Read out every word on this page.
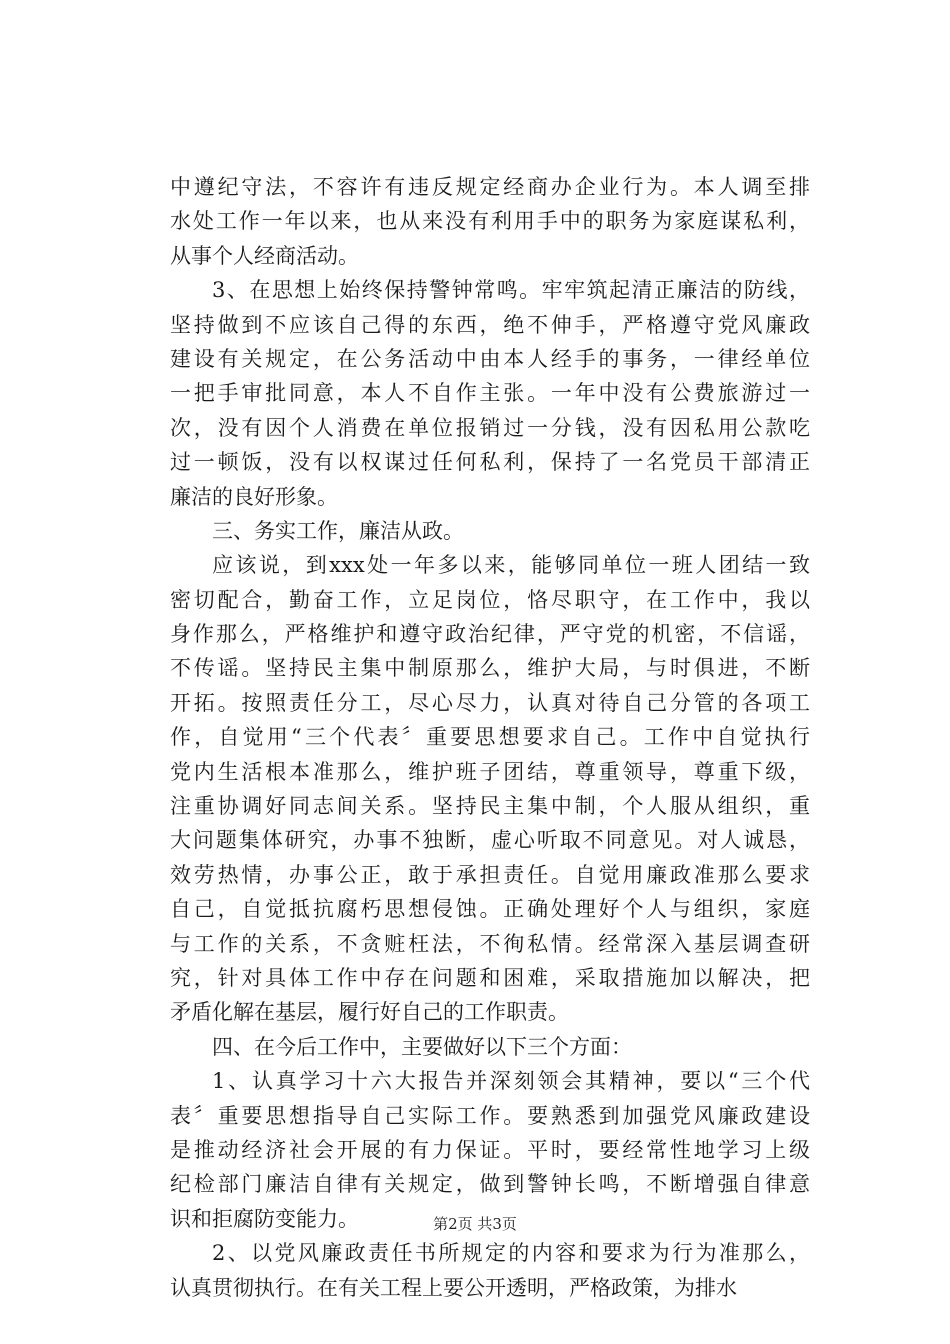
中遵纪守法，不容许有违反规定经商办企业行为。本人调至排
水处工作一年以来，也从来没有利用手中的职务为家庭谋私利，
从事个人经商活动。
3、在思想上始终保持警钟常鸣。牢牢筑起清正廉洁的防线，
坚持做到不应该自己得的东西，绝不伸手，严格遵守党风廉政
建设有关规定，在公务活动中由本人经手的事务，一律经单位
一把手审批同意，本人不自作主张。一年中没有公费旅游过一
次，没有因个人消费在单位报销过一分钱，没有因私用公款吃
过一顿饭，没有以权谋过任何私利，保持了一名党员干部清正
廉洁的良好形象。
三、务实工作，廉洁从政。
应该说，到xxx处一年多以来，能够同单位一班人团结一致
密切配合，勤奋工作，立足岗位，恪尽职守，在工作中，我以
身作那么，严格维护和遵守政治纪律，严守党的机密，不信谣，
不传谣。坚持民主集中制原那么，维护大局，与时俱进，不断
开拓。按照责任分工，尽心尽力，认真对待自己分管的各项工
作，自觉用“三个代表〞重要思想要求自己。工作中自觉执行
党内生活根本准那么，维护班子团结，尊重领导，尊重下级，
注重协调好同志间关系。坚持民主集中制，个人服从组织，重
大问题集体研究，办事不独断，虚心听取不同意见。对人诚恳，
效劳热情，办事公正，敢于承担责任。自觉用廉政准那么要求
自己，自觉抵抗腐朽思想侵蚀。正确处理好个人与组织，家庭
与工作的关系，不贪赃枉法，不徇私情。经常深入基层调查研
究，针对具体工作中存在问题和困难，采取措施加以解决，把
矛盾化解在基层，履行好自己的工作职责。
四、在今后工作中，主要做好以下三个方面：
1、认真学习十六大报告并深刻领会其精神，要以“三个代
表〞重要思想指导自己实际工作。要熟悉到加强党风廉政建设
是推动经济社会开展的有力保证。平时，要经常性地学习上级
纪检部门廉洁自律有关规定，做到警钟长鸣，不断增强自律意
识和拒腐防变能力。
2、以党风廉政责任书所规定的内容和要求为行为准那么，
认真贯彻执行。在有关工程上要公开透明，严格政策，为排水
第2页 共3页
